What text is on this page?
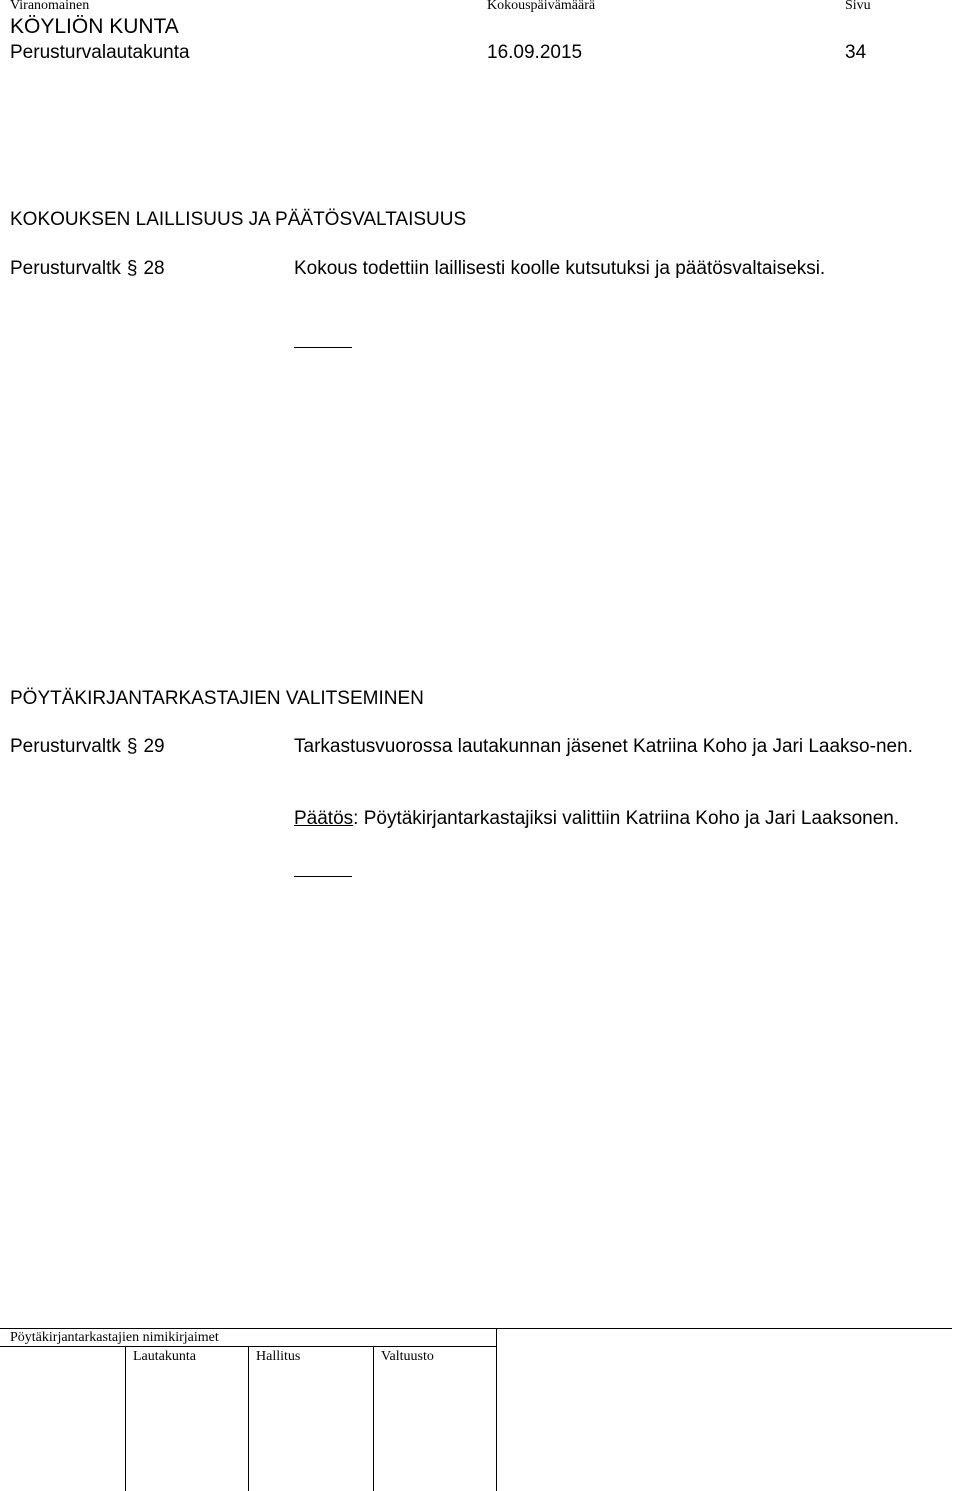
Viranomainen	Kokouspäivämäärä	Sivu
KÖYLIÖN KUNTA
Perusturvalautakunta	16.09.2015	34
KOKOUKSEN LAILLISUUS JA PÄÄTÖSVALTAISUUS
Perusturvaltk § 28	Kokous todettiin laillisesti koolle kutsutuksi ja päätösvaltaiseksi.
PÖYTÄKIRJANTARKASTAJIEN VALITSEMINEN
Perusturvaltk § 29	Tarkastusvuorossa lautakunnan jäsenet Katriina Koho ja Jari Laakso-nen.
Päätös: Pöytäkirjantarkastajiksi valittiin Katriina Koho ja Jari Laaksonen.
Pöytäkirjantarkastajien nimikirjaimet
Lautakunta	Hallitus	Valtuusto
